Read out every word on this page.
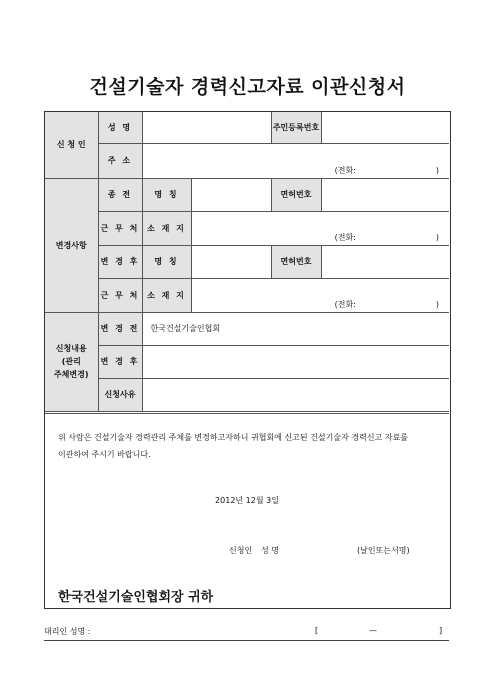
건설기술자 경력신고자료 이관신청서
신 청 인	성 명			주민등록번호	
	주 소	(전화: )			

변경사항	종 전	명 칭		면허번호	
	근 무 처	소 재 지	(전화: )		

	변 경 후	명 칭		면허번호	
	근 무 처	소 재 지	(전화: )		

신청내용
(관리
주체변경)	변 경 전	한국건설기술인협회			
	변 경 후				
	신청사유				
위 사람은 건설기술자 경력관리 주체를 변경하고자하니 귀협회에 신고된 건설기술자 경력신고 자료를
이관하여 주시기 바랍니다.
2012년 12월 3일
신청인 성 명	(날인또는서명)
한국건설기술인협회장 귀하
대리인 성명 :	[	—	]
